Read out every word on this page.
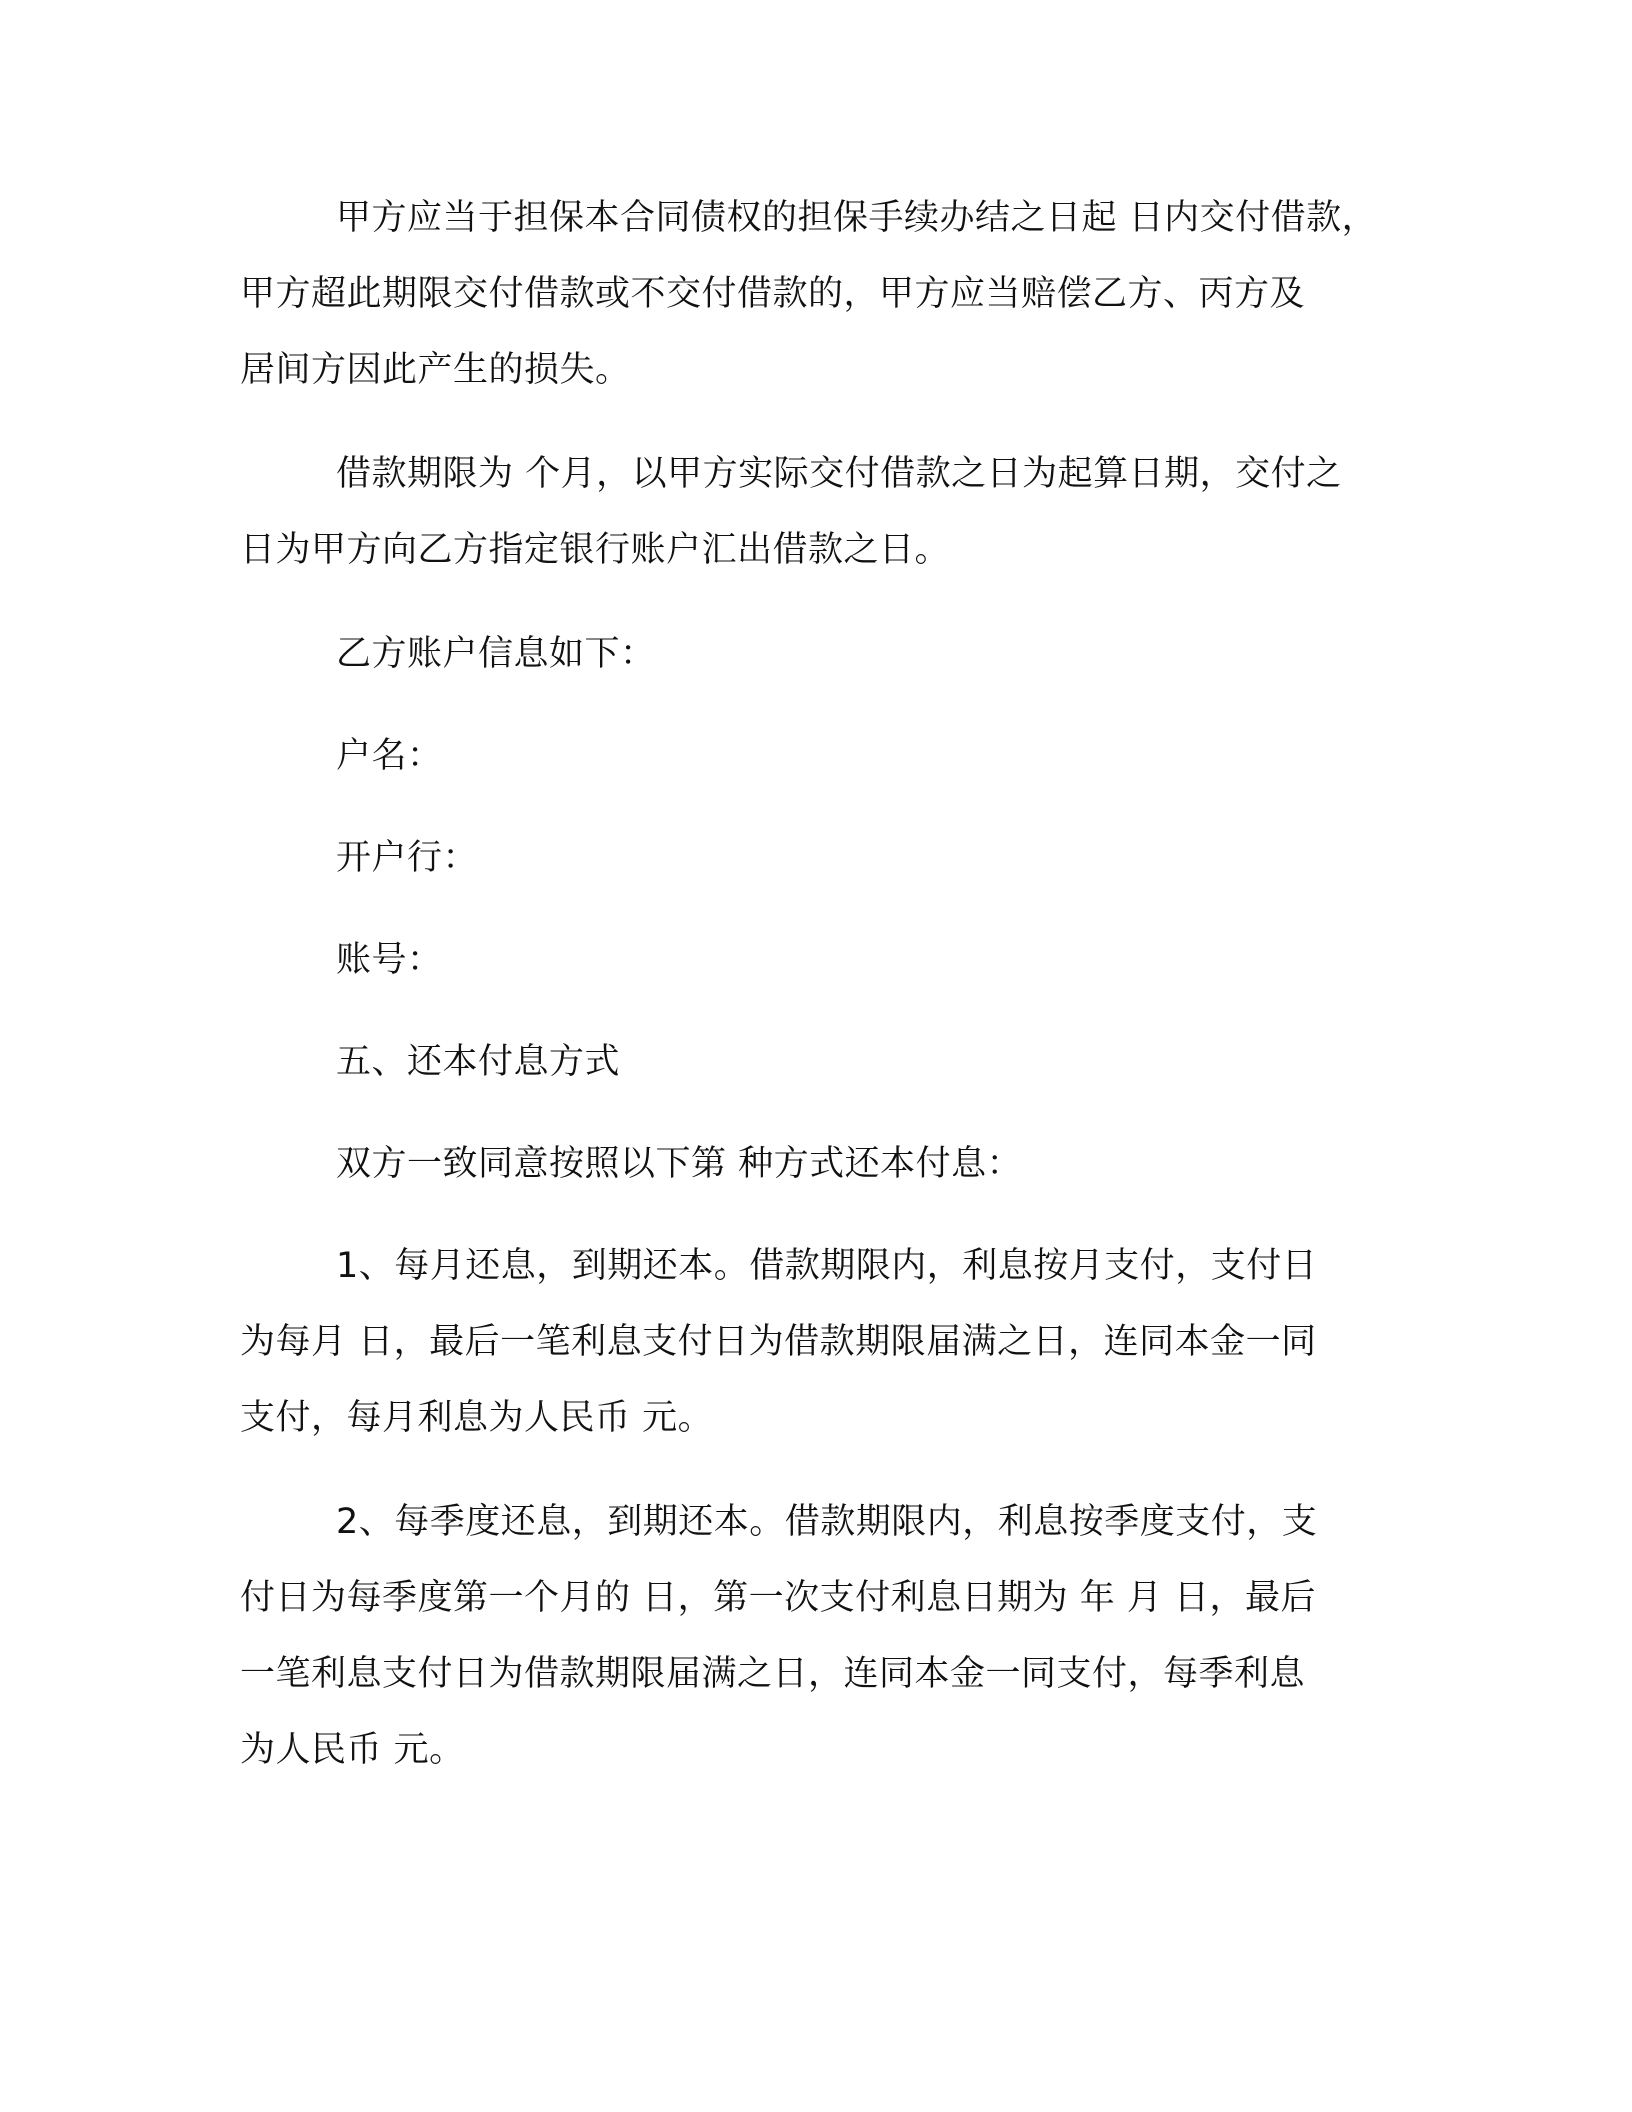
甲方应当于担保本合同债权的担保手续办结之日起 日内交付借款，
甲方超此期限交付借款或不交付借款的，甲方应当赔偿乙方、丙方及
居间方因此产生的损失。
借款期限为 个月，以甲方实际交付借款之日为起算日期，交付之
日为甲方向乙方指定银行账户汇出借款之日。
乙方账户信息如下：
户名：
开户行：
账号：
五、还本付息方式
双方一致同意按照以下第 种方式还本付息：
1、每月还息，到期还本。借款期限内，利息按月支付，支付日
为每月 日，最后一笔利息支付日为借款期限届满之日，连同本金一同
支付，每月利息为人民币 元。
2、每季度还息，到期还本。借款期限内，利息按季度支付，支
付日为每季度第一个月的 日，第一次支付利息日期为 年 月 日，最后
一笔利息支付日为借款期限届满之日，连同本金一同支付，每季利息
为人民币 元。
